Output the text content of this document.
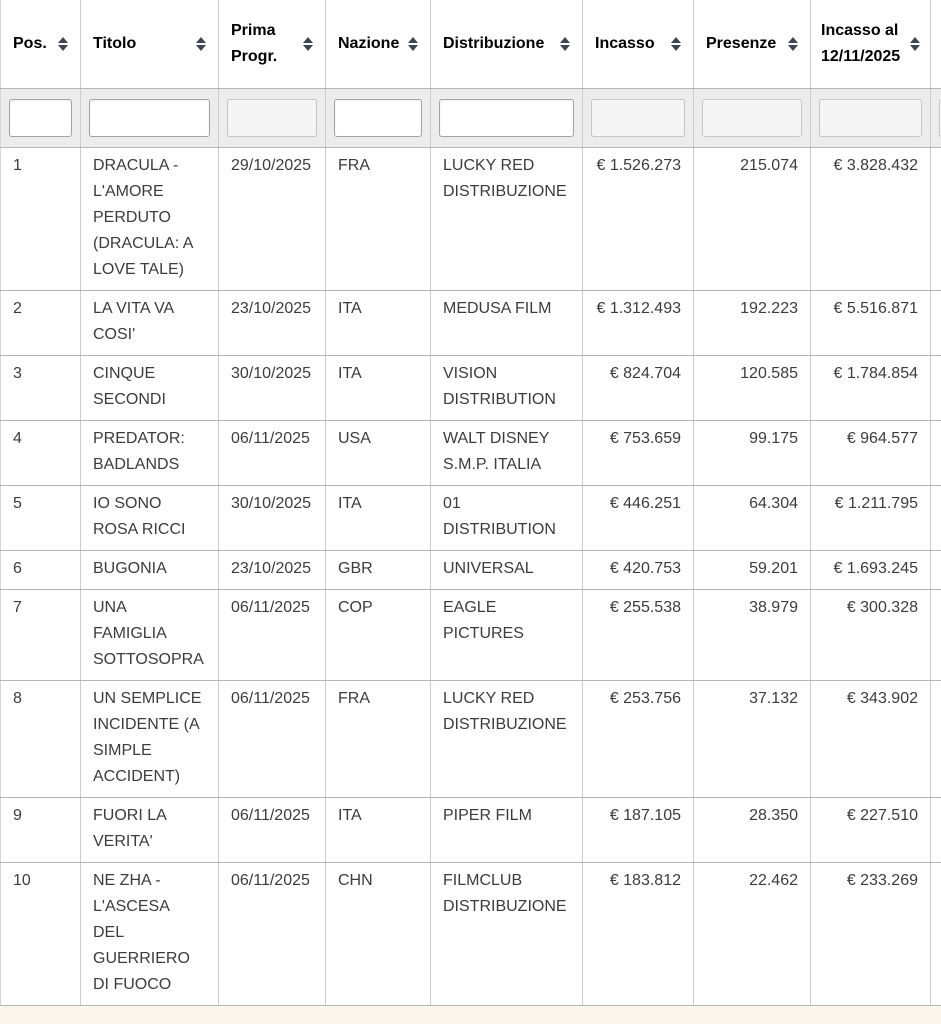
Pos.	Titolo	Prima Progr.	Nazione	Distribuzione	Incasso	Presenze	Incasso al 12/11/2025	

1	DRACULA - L'AMORE PERDUTO (DRACULA: A LOVE TALE)	29/10/2025	FRA	LUCKY RED DISTRIBUZIONE	€ 1.526.273	215.074	€ 3.828.432	
2	LA VITA VA COSI'	23/10/2025	ITA	MEDUSA FILM	€ 1.312.493	192.223	€ 5.516.871	
3	CINQUE SECONDI	30/10/2025	ITA	VISION DISTRIBUTION	€ 824.704	120.585	€ 1.784.854	
4	PREDATOR: BADLANDS	06/11/2025	USA	WALT DISNEY S.M.P. ITALIA	€ 753.659	99.175	€ 964.577	
5	IO SONO ROSA RICCI	30/10/2025	ITA	01 DISTRIBUTION	€ 446.251	64.304	€ 1.211.795	
6	BUGONIA	23/10/2025	GBR	UNIVERSAL	€ 420.753	59.201	€ 1.693.245	
7	UNA FAMIGLIA SOTTOSOPRA	06/11/2025	COP	EAGLE PICTURES	€ 255.538	38.979	€ 300.328	
8	UN SEMPLICE INCIDENTE (A SIMPLE ACCIDENT)	06/11/2025	FRA	LUCKY RED DISTRIBUZIONE	€ 253.756	37.132	€ 343.902	
9	FUORI LA VERITA'	06/11/2025	ITA	PIPER FILM	€ 187.105	28.350	€ 227.510	
10	NE ZHA - L'ASCESA DEL GUERRIERO DI FUOCO	06/11/2025	CHN	FILMCLUB DISTRIBUZIONE	€ 183.812	22.462	€ 233.269	
